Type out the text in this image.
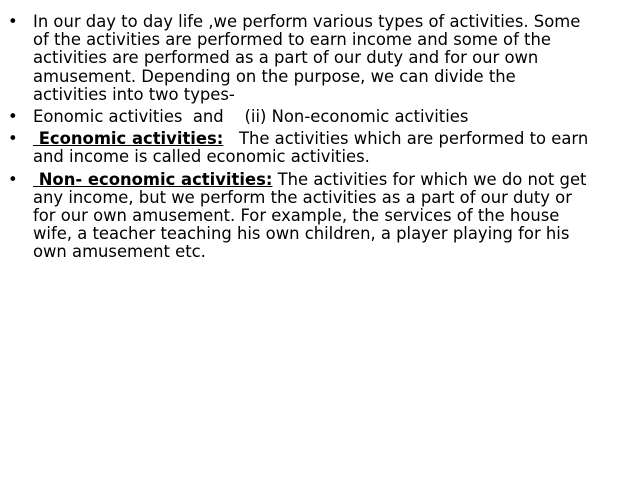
• In our day to day life ,we perform various types of activities. Some of the activities are performed to earn income and some of the activities are performed as a part of our duty and for our own amusement. Depending on the purpose, we can divide the activities into two types-
• Eonomic activities  and    (ii) Non-economic activities
• Economic activities:   The activities which are performed to earn and income is called economic activities.
• Non- economic activities: The activities for which we do not get any income, but we perform the activities as a part of our duty or for our own amusement. For example, the services of the house wife, a teacher teaching his own children, a player playing for his own amusement etc.
